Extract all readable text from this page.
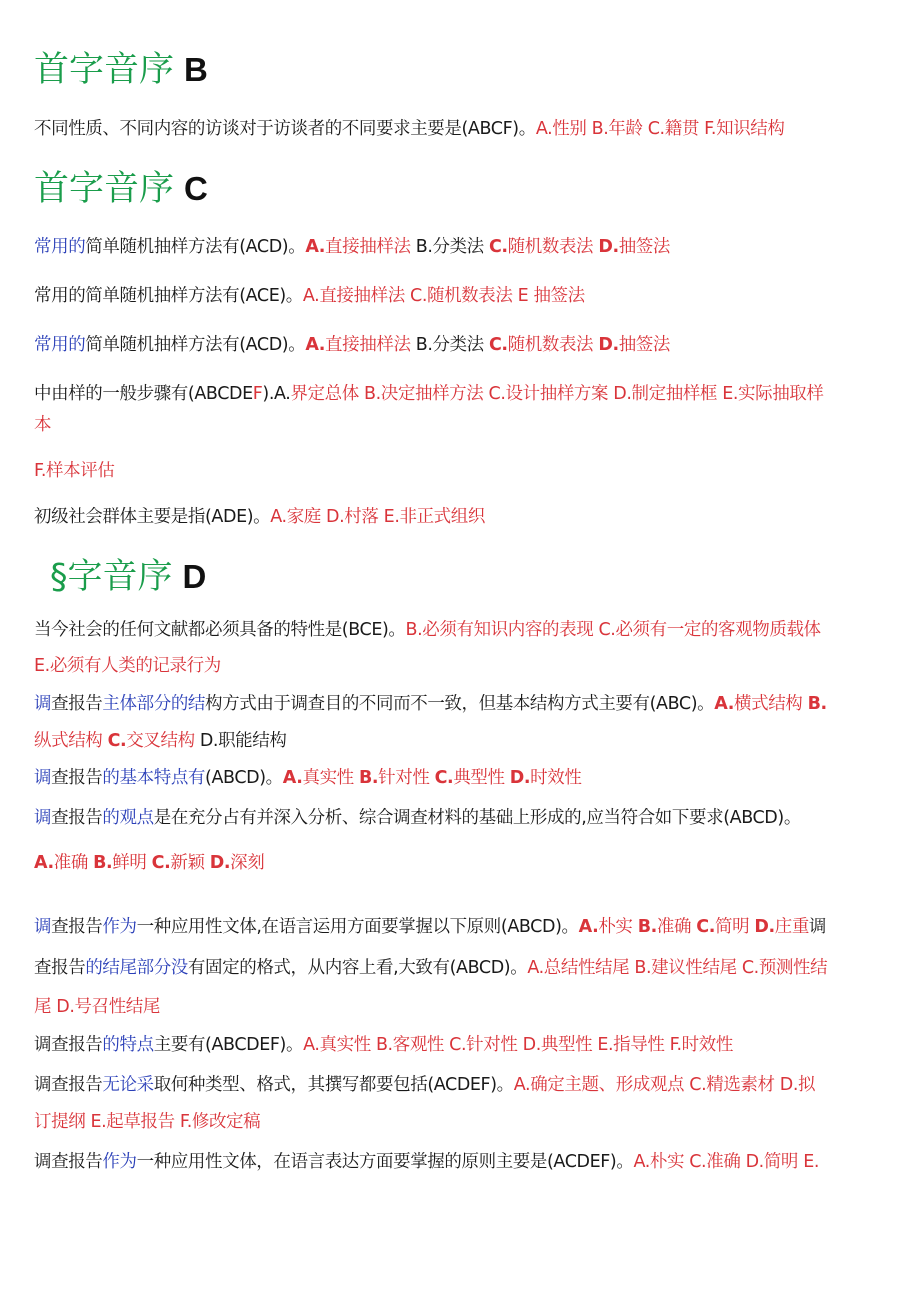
首字音序 B
不同性质、不同内容的访谈对于访谈者的不同要求主要是(ABCF)。A.性别 B.年龄 C.籍贯 F.知识结构
首字音序 C
常用的简单随机抽样方法有(ACD)。A.直接抽样法 B.分类法 C.随机数表法 D.抽签法
常用的简单随机抽样方法有(ACE)。A.直接抽样法 C.随机数表法 E 抽签法
常用的简单随机抽样方法有(ACD)。A.直接抽样法 B.分类法 C.随机数表法 D.抽签法
中由样的一般步骤有(ABCDEF).A.界定总体 B.决定抽样方法 C.设计抽样方案 D.制定抽样框 E.实际抽取样
本
F.样本评估
初级社会群体主要是指(ADE)。A.家庭 D.村落 E.非正式组织
§字音序 D
当今社会的任何文献都必须具备的特性是(BCE)。B.必须有知识内容的表现 C.必须有一定的客观物质载体
E.必须有人类的记录行为
调查报告主体部分的结构方式由于调查目的不同而不一致，但基本结构方式主要有(ABC)。A.横式结构 B.
纵式结构 C.交叉结构 D.职能结构
调查报告的基本特点有(ABCD)。A.真实性 B.针对性 C.典型性 D.时效性
调查报告的观点是在充分占有并深入分析、综合调查材料的基础上形成的,应当符合如下要求(ABCD)。
A.准确 B.鲜明 C.新颖 D.深刻
调查报告作为一种应用性文体,在语言运用方面要掌握以下原则(ABCD)。A.朴实 B.准确 C.简明 D.庄重调
查报告的结尾部分没有固定的格式，从内容上看,大致有(ABCD)。A.总结性结尾 B.建议性结尾 C.预测性结
尾 D.号召性结尾
调查报告的特点主要有(ABCDEF)。A.真实性 B.客观性 C.针对性 D.典型性 E.指导性 F.时效性
调查报告无论采取何种类型、格式，其撰写都要包括(ACDEF)。A.确定主题、形成观点 C.精选素材 D.拟
订提纲 E.起草报告 F.修改定稿
调查报告作为一种应用性文体，在语言表达方面要掌握的原则主要是(ACDEF)。A.朴实 C.准确 D.简明 E.
